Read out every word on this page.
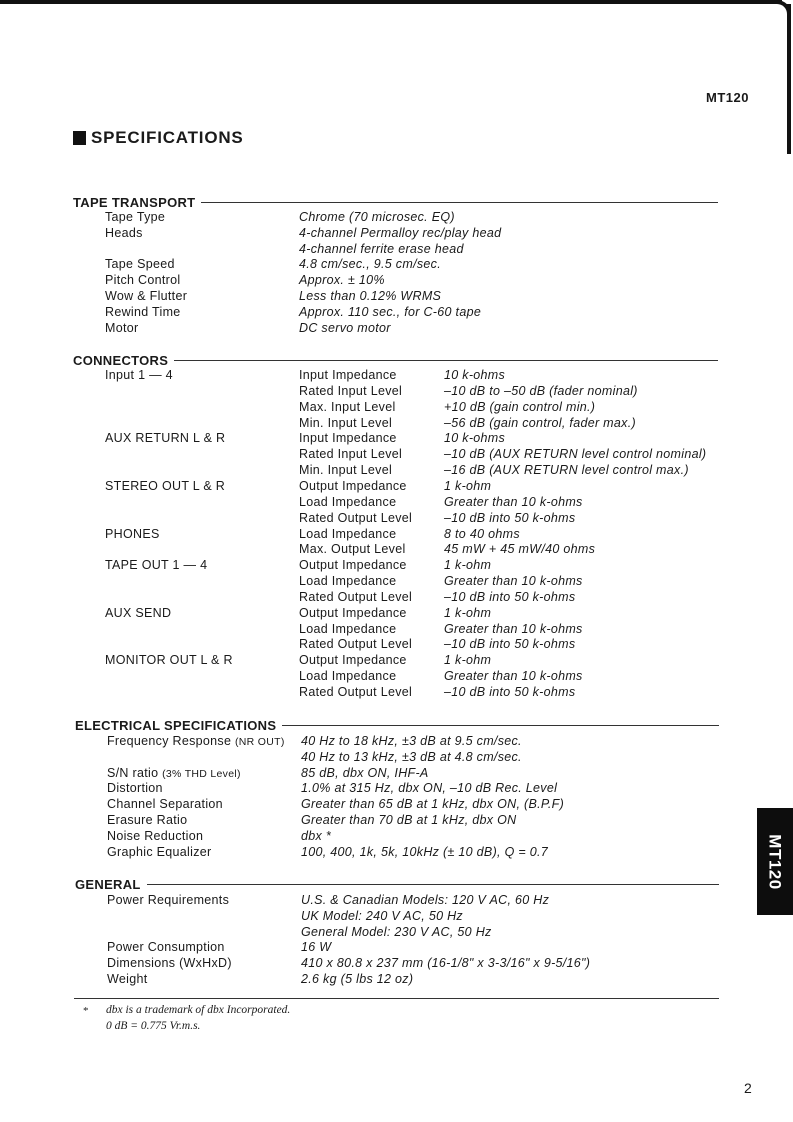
MT120
SPECIFICATIONS
TAPE TRANSPORT
Tape Type	Chrome (70 microsec. EQ)
Heads	4-channel Permalloy rec/play head
4-channel ferrite erase head
Tape Speed	4.8 cm/sec., 9.5 cm/sec.
Pitch Control	Approx. ± 10%
Wow & Flutter	Less than 0.12% WRMS
Rewind Time	Approx. 110 sec., for C-60 tape
Motor	DC servo motor
CONNECTORS
Input 1 — 4	Input Impedance	10 k-ohms
Rated Input Level	–10 dB to –50 dB (fader nominal)
Max. Input Level	+10 dB (gain control min.)
Min. Input Level	–56 dB (gain control, fader max.)
AUX RETURN L & R	Input Impedance	10 k-ohms
Rated Input Level	–10 dB (AUX RETURN level control nominal)
Min. Input Level	–16 dB (AUX RETURN level control max.)
STEREO OUT L & R	Output Impedance	1 k-ohm
Load Impedance	Greater than 10 k-ohms
Rated Output Level	–10 dB into 50 k-ohms
PHONES	Load Impedance	8 to 40 ohms
Max. Output Level	45 mW + 45 mW/40 ohms
TAPE OUT 1 — 4	Output Impedance	1 k-ohm
Load Impedance	Greater than 10 k-ohms
Rated Output Level	–10 dB into 50 k-ohms
AUX SEND	Output Impedance	1 k-ohm
Load Impedance	Greater than 10 k-ohms
Rated Output Level	–10 dB into 50 k-ohms
MONITOR OUT L & R	Output Impedance	1 k-ohm
Load Impedance	Greater than 10 k-ohms
Rated Output Level	–10 dB into 50 k-ohms
ELECTRICAL SPECIFICATIONS
Frequency Response (NR OUT) 40 Hz to 18 kHz, ±3 dB at 9.5 cm/sec.
40 Hz to 13 kHz, ±3 dB at 4.8 cm/sec.
S/N ratio (3% THD Level)	85 dB, dbx ON, IHF-A
Distortion	1.0% at 315 Hz, dbx ON, –10 dB Rec. Level
Channel Separation	Greater than 65 dB at 1 kHz, dbx ON, (B.P.F)
Erasure Ratio	Greater than 70 dB at 1 kHz, dbx ON
Noise Reduction	dbx *
Graphic Equalizer	100, 400, 1k, 5k, 10kHz (± 10 dB), Q = 0.7
GENERAL
Power Requirements	U.S. & Canadian Models: 120 V AC, 60 Hz
UK Model: 240 V AC, 50 Hz
General Model: 230 V AC, 50 Hz
Power Consumption	16 W
Dimensions (WxHxD)	410 x 80.8 x 237 mm (16-1/8" x 3-3/16" x 9-5/16")
Weight	2.6 kg (5 lbs 12 oz)
* dbx is a trademark of dbx Incorporated.
0 dB = 0.775 Vr.m.s.
MT120
2
